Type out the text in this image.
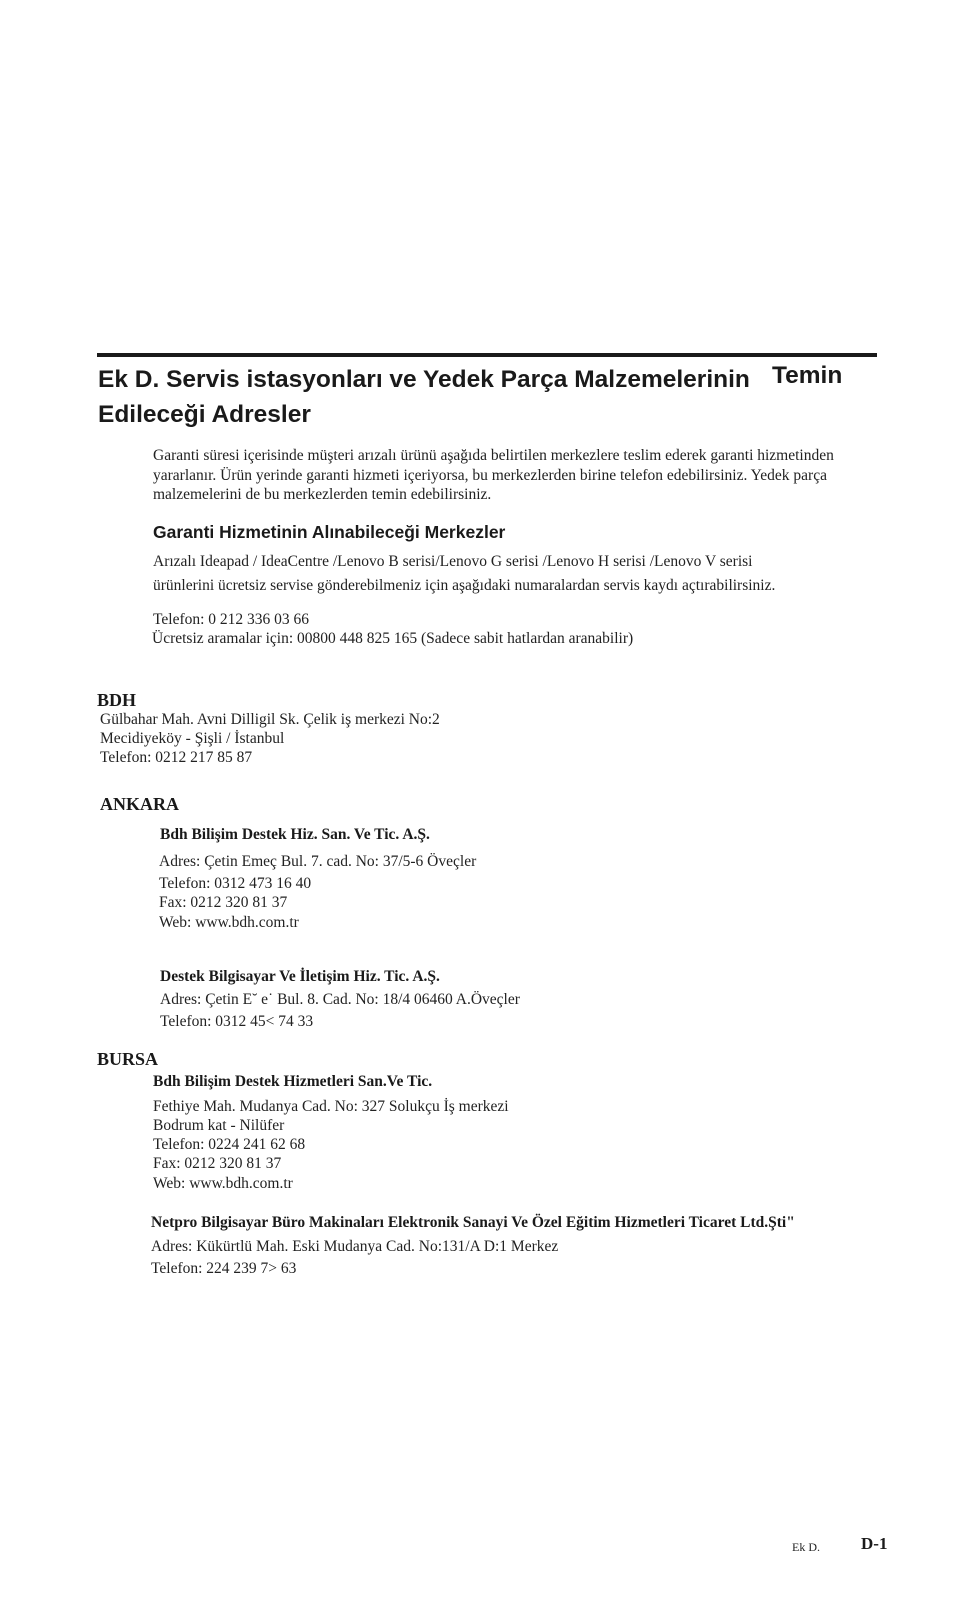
Ek D. Servis istasyonları ve Yedek Parça Malzemelerinin Temin
Edileceği Adresler
Garanti süresi içerisinde müşteri arızalı ürünü aşağıda belirtilen merkezlere teslim ederek garanti hizmetinden yararlanır. Ürün yerinde garanti hizmeti içeriyorsa, bu merkezlerden birine telefon edebilirsiniz. Yedek parça malzemelerini de bu merkezlerden temin edebilirsiniz.
Garanti Hizmetinin Alınabileceği Merkezler
Arızalı Ideapad / IdeaCentre /Lenovo B serisi/Lenovo G serisi /Lenovo H serisi /Lenovo V serisi
ürünlerini ücretsiz servise gönderebilmeniz için aşağıdaki numaralardan servis kaydı açtırabilirsiniz.
Telefon: 0 212 336 03 66
Ücretsiz aramalar için: 00800 448 825 165 (Sadece sabit hatlardan aranabilir)
BDH
Gülbahar Mah. Avni Dilligil Sk. Çelik iş merkezi No:2
Mecidiyeköy - Şişli / İstanbul
Telefon: 0212 217 85 87
ANKARA
Bdh Bilişim Destek Hiz. San. Ve Tic. A.Ş.
Adres: Çetin Emeç Bul. 7. cad. No: 37/5-6 Öveçler
Telefon: 0312 473 16 40
Fax: 0212 320 81 37
Web: www.bdh.com.tr
Destek Bilgisayar Ve İletişim Hiz. Tic. A.Ş.
Adres: Çetin E˘ e˙ Bul. 8. Cad. No: 18/4 06460 A.Öveçler
Telefon: 0312 45< 74 33
BURSA
Bdh Bilişim Destek Hizmetleri San.Ve Tic.
Fethiye Mah. Mudanya Cad. No: 327 Solukçu İş merkezi
Bodrum kat - Nilüfer
Telefon: 0224 241 62 68
Fax: 0212 320 81 37
Web: www.bdh.com.tr
Netpro Bilgisayar Büro Makinaları Elektronik Sanayi Ve Özel Eğitim Hizmetleri Ticaret Ltd.Şti"
Adres: Kükürtlü Mah. Eski Mudanya Cad. No:131/A D:1 Merkez
Telefon: 224 239 7> 63
Ek D. D-1
